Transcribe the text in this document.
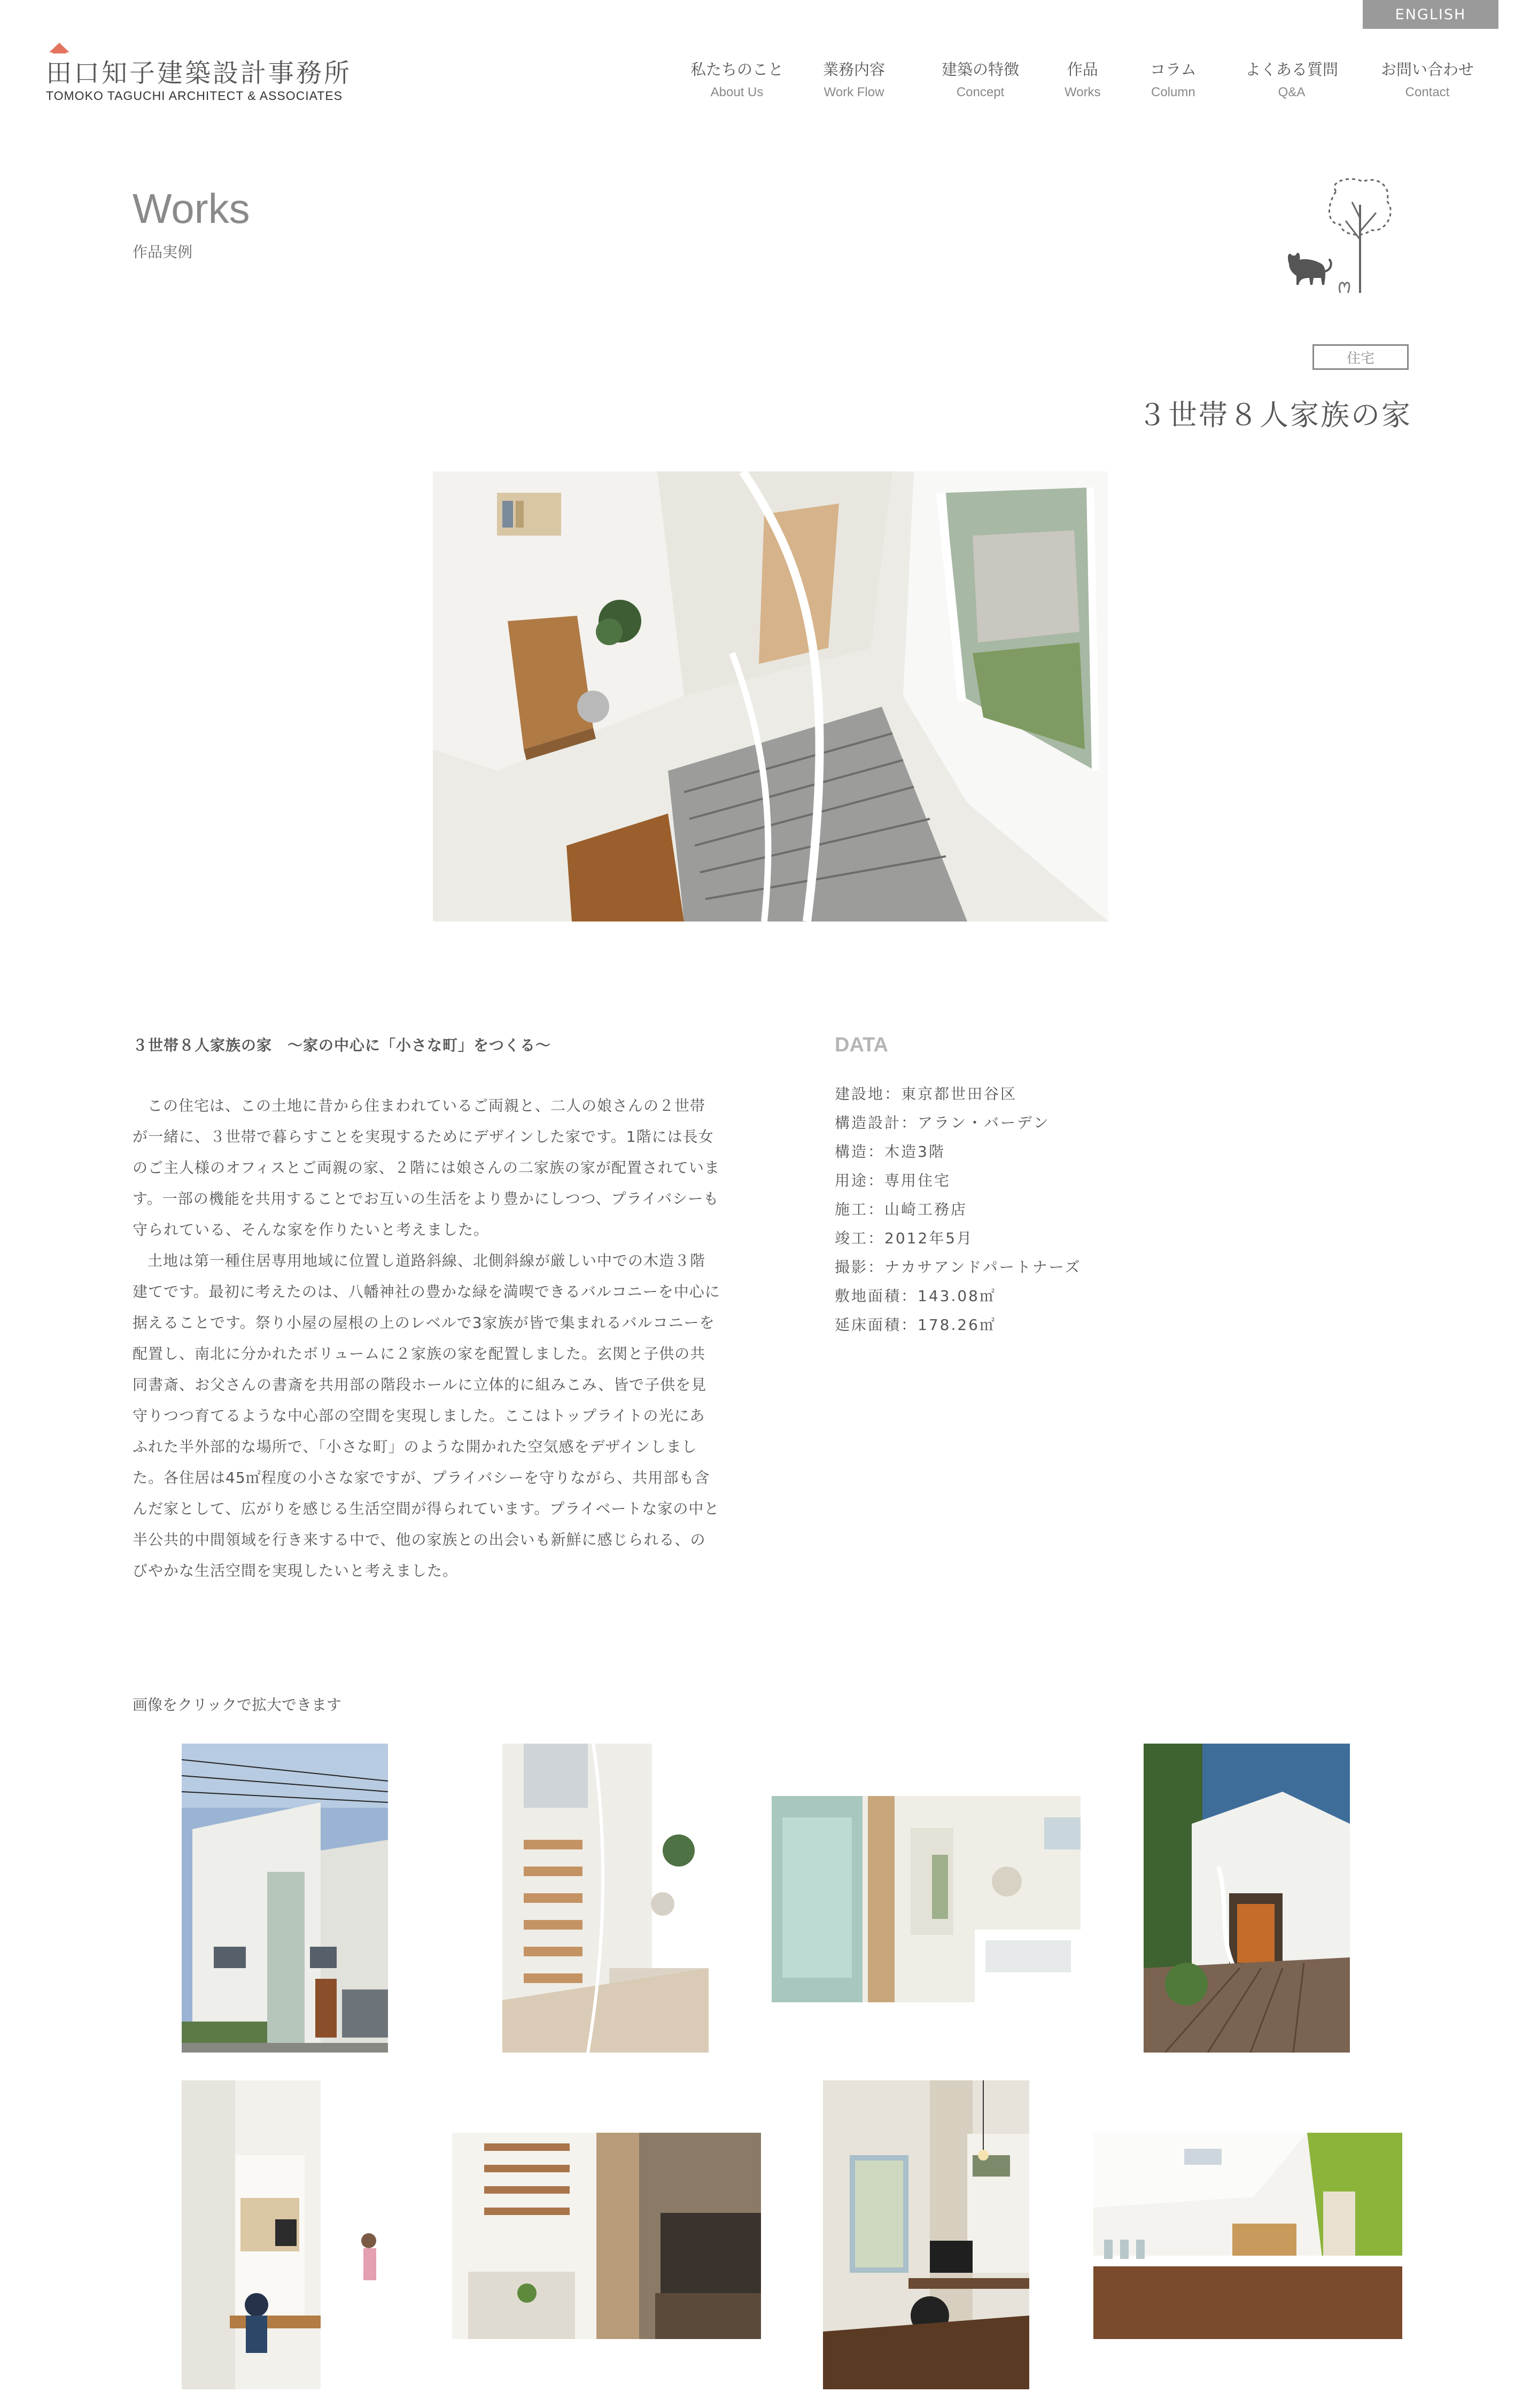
ENGLISH
田口知子建築設計事務所
TOMOKO TAGUCHI ARCHITECT & ASSOCIATES
私たちのこと
About Us
業務内容
Work Flow
建築の特徴
Concept
作品
Works
コラム
Column
よくある質問
Q&A
お問い合わせ
Contact
Works
作品実例
住宅
３世帯８人家族の家
３世帯８人家族の家　～家の中心に「小さな町」をつくる～

この住宅は、この土地に昔から住まわれているご両親と、二人の娘さんの２世帯が一緒に、３世帯で暮らすことを実現するためにデザインした家です。1階には長女のご主人様のオフィスとご両親の家、２階には娘さんの二家族の家が配置されています。一部の機能を共用することでお互いの生活をより豊かにしつつ、プライバシーも守られている、そんな家を作りたいと考えました。

土地は第一種住居専用地域に位置し道路斜線、北側斜線が厳しい中での木造３階建てです。最初に考えたのは、八幡神社の豊かな緑を満喫できるバルコニーを中心に据えることです。祭り小屋の屋根の上のレベルで3家族が皆で集まれるバルコニーを配置し、南北に分かれたボリュームに２家族の家を配置しました。玄関と子供の共同書斎、お父さんの書斎を共用部の階段ホールに立体的に組みこみ、皆で子供を見守りつつ育てるような中心部の空間を実現しました。ここはトップライトの光にあふれた半外部的な場所で、「小さな町」のような開かれた空気感をデザインしました。各住居は45㎡程度の小さな家ですが、プライバシーを守りながら、共用部も含んだ家として、広がりを感じる生活空間が得られています。プライベートな家の中と半公共的中間領域を行き来する中で、他の家族との出会いも新鮮に感じられる、のびやかな生活空間を実現したいと考えました。

DATA
建設地：東京都世田谷区
構造設計：アラン・バーデン
構造：木造3階
用途：専用住宅
施工：山崎工務店
竣工：2012年5月
撮影：ナカサアンドパートナーズ
敷地面積：143.08㎡
延床面積：178.26㎡
画像をクリックで拡大できます
